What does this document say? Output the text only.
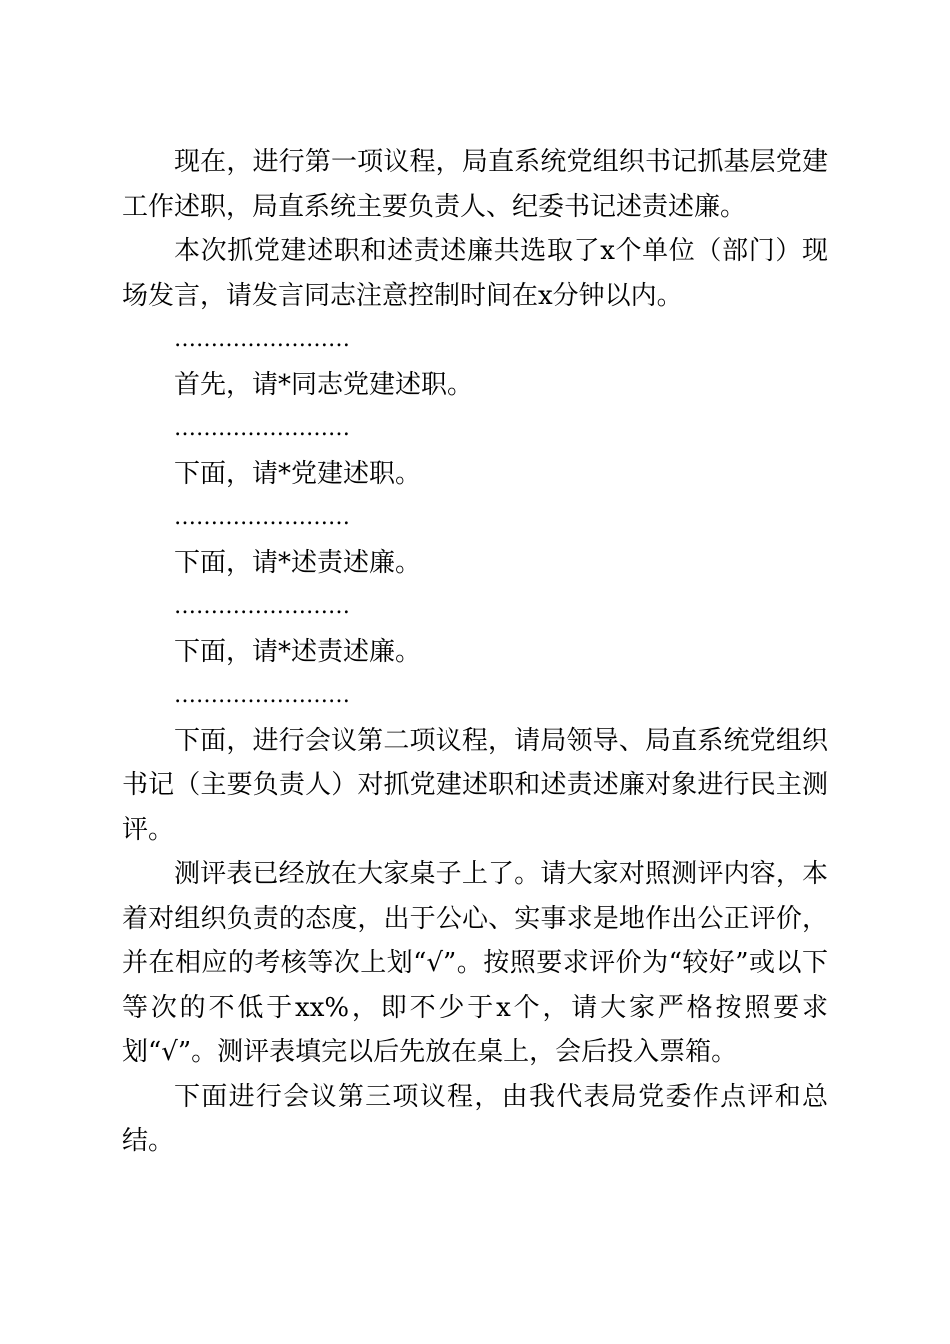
现在，进行第一项议程，局直系统党组织书记抓基层党建工作述职，局直系统主要负责人、纪委书记述责述廉。

本次抓党建述职和述责述廉共选取了x个单位（部门）现场发言，请发言同志注意控制时间在x分钟以内。

……………………

首先，请*同志党建述职。

……………………

下面，请*党建述职。

……………………

下面，请*述责述廉。

……………………

下面，请*述责述廉。

……………………

下面，进行会议第二项议程，请局领导、局直系统党组织书记（主要负责人）对抓党建述职和述责述廉对象进行民主测评。

测评表已经放在大家桌子上了。请大家对照测评内容，本着对组织负责的态度，出于公心、实事求是地作出公正评价，并在相应的考核等次上划“√”。按照要求评价为“较好”或以下等次的不低于xx%，即不少于x个，请大家严格按照要求划“√”。测评表填完以后先放在桌上，会后投入票箱。

下面进行会议第三项议程，由我代表局党委作点评和总结。
